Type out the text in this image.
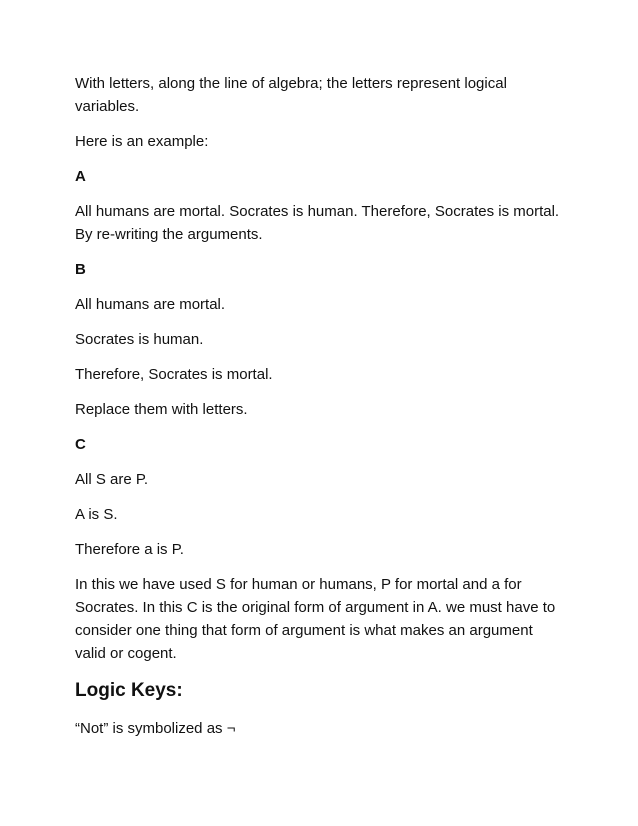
With letters, along the line of algebra; the letters represent logical variables.

Here is an example:

A

All humans are mortal. Socrates is human. Therefore, Socrates is mortal. By re-writing the arguments.

B

All humans are mortal.

Socrates is human.

Therefore, Socrates is mortal.

Replace them with letters.

C

All S are P.

A is S.

Therefore a is P.

In this we have used S for human or humans, P for mortal and a for Socrates. In this C is the original form of argument in A. we must have to consider one thing that form of argument is what makes an argument valid or cogent.

Logic Keys:

“Not” is symbolized as ¬
